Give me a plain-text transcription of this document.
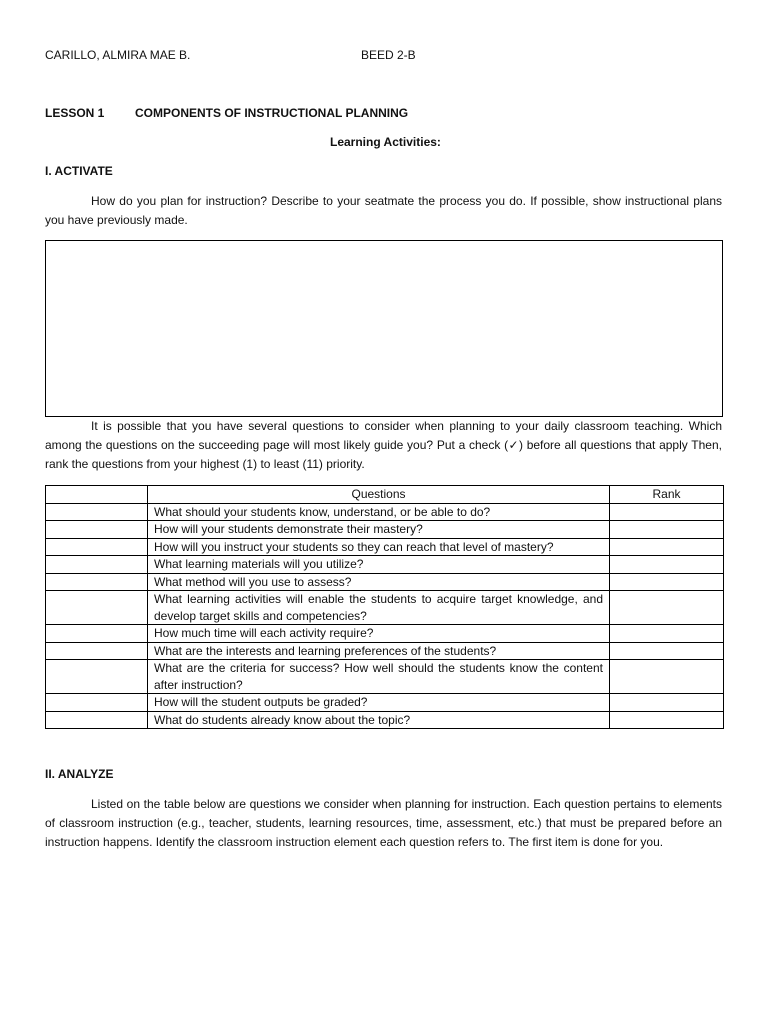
CARILLO, ALMIRA MAE B.	BEED 2-B
LESSON 1	COMPONENTS OF INSTRUCTIONAL PLANNING
Learning Activities:
I. ACTIVATE
How do you plan for instruction? Describe to your seatmate the process you do. If possible, show instructional plans you have previously made.
It is possible that you have several questions to consider when planning to your daily classroom teaching. Which among the questions on the succeeding page will most likely guide you? Put a check (✓) before all questions that apply Then, rank the questions from your highest (1) to least (11) priority.
	Questions	Rank
	What should your students know, understand, or be able to do?	
	How will your students demonstrate their mastery?	
	How will you instruct your students so they can reach that level of mastery?	
	What learning materials will you utilize?	
	What method will you use to assess?	
	What learning activities will enable the students to acquire target knowledge, and develop target skills and competencies?	
	How much time will each activity require?	
	What are the interests and learning preferences of the students?	
	What are the criteria for success? How well should the students know the content after instruction?	
	How will the student outputs be graded?	
	What do students already know about the topic?	
II. ANALYZE
Listed on the table below are questions we consider when planning for instruction. Each question pertains to elements of classroom instruction (e.g., teacher, students, learning resources, time, assessment, etc.) that must be prepared before an instruction happens. Identify the classroom instruction element each question refers to. The first item is done for you.
